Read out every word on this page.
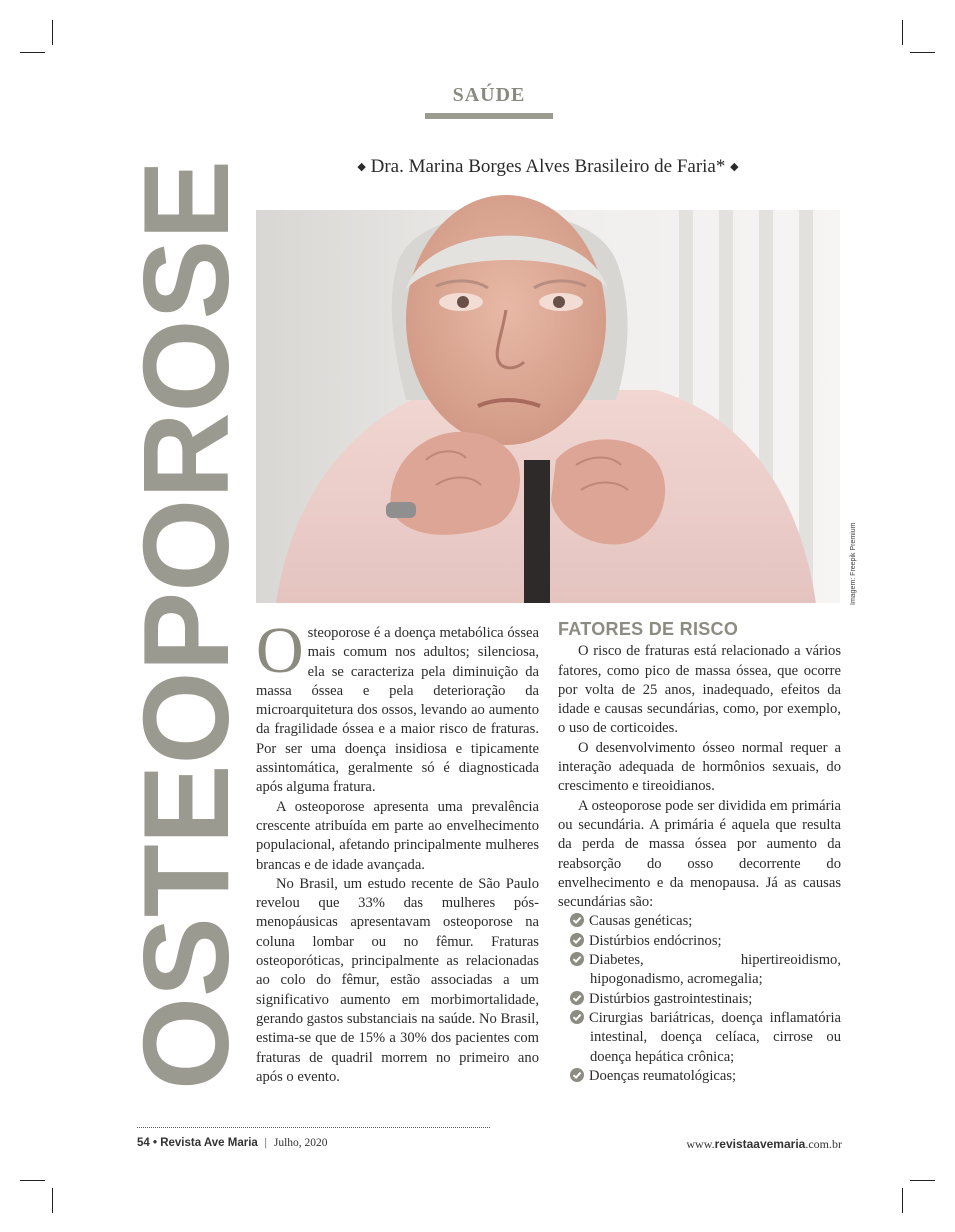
SAÚDE
OSTEOPOROSE	◆ Dra. Marina Borges Alves Brasileiro de Faria* ◆
Imagem: Freepik Premium

Osteoporose é a doença metabólica óssea mais comum nos adultos; silenciosa, ela se caracteriza pela diminuição da massa óssea e pela deterioração da microarquitetura dos ossos, levando ao aumento da fragilidade óssea e a maior risco de fraturas. Por ser uma doença insidiosa e tipicamente assintomática, geralmente só é diagnosticada após alguma fratura.

A osteoporose apresenta uma prevalência crescente atribuída em parte ao envelhecimento populacional, afetando principalmente mulheres brancas e de idade avançada.

No Brasil, um estudo recente de São Paulo revelou que 33% das mulheres pós-menopáusicas apresentavam osteoporose na coluna lombar ou no fêmur. Fraturas osteoporóticas, principalmente as relacionadas ao colo do fêmur, estão associadas a um significativo aumento em morbimortalidade, gerando gastos substanciais na saúde. No Brasil, estima-se que de 15% a 30% dos pacientes com fraturas de quadril morrem no primeiro ano após o evento.

FATORES DE RISCO

O risco de fraturas está relacionado a vários fatores, como pico de massa óssea, que ocorre por volta de 25 anos, inadequado, efeitos da idade e causas secundárias, como, por exemplo, o uso de corticoides.

O desenvolvimento ósseo normal requer a interação adequada de hormônios sexuais, do crescimento e tireoidianos.

A osteoporose pode ser dividida em primária ou secundária. A primária é aquela que resulta da perda de massa óssea por aumento da reabsorção do osso decorrente do envelhecimento e da menopausa. Já as causas secundárias são:

Causas genéticas;
Distúrbios endócrinos;
Diabetes, hipertireoidismo, hipogonadismo, acromegalia;
Distúrbios gastrointestinais;
Cirurgias bariátricas, doença inflamatória intestinal, doença celíaca, cirrose ou doença hepática crônica;
Doenças reumatológicas;
54 • Revista Ave Maria | Julho, 2020	www.revistaavemaria.com.br
